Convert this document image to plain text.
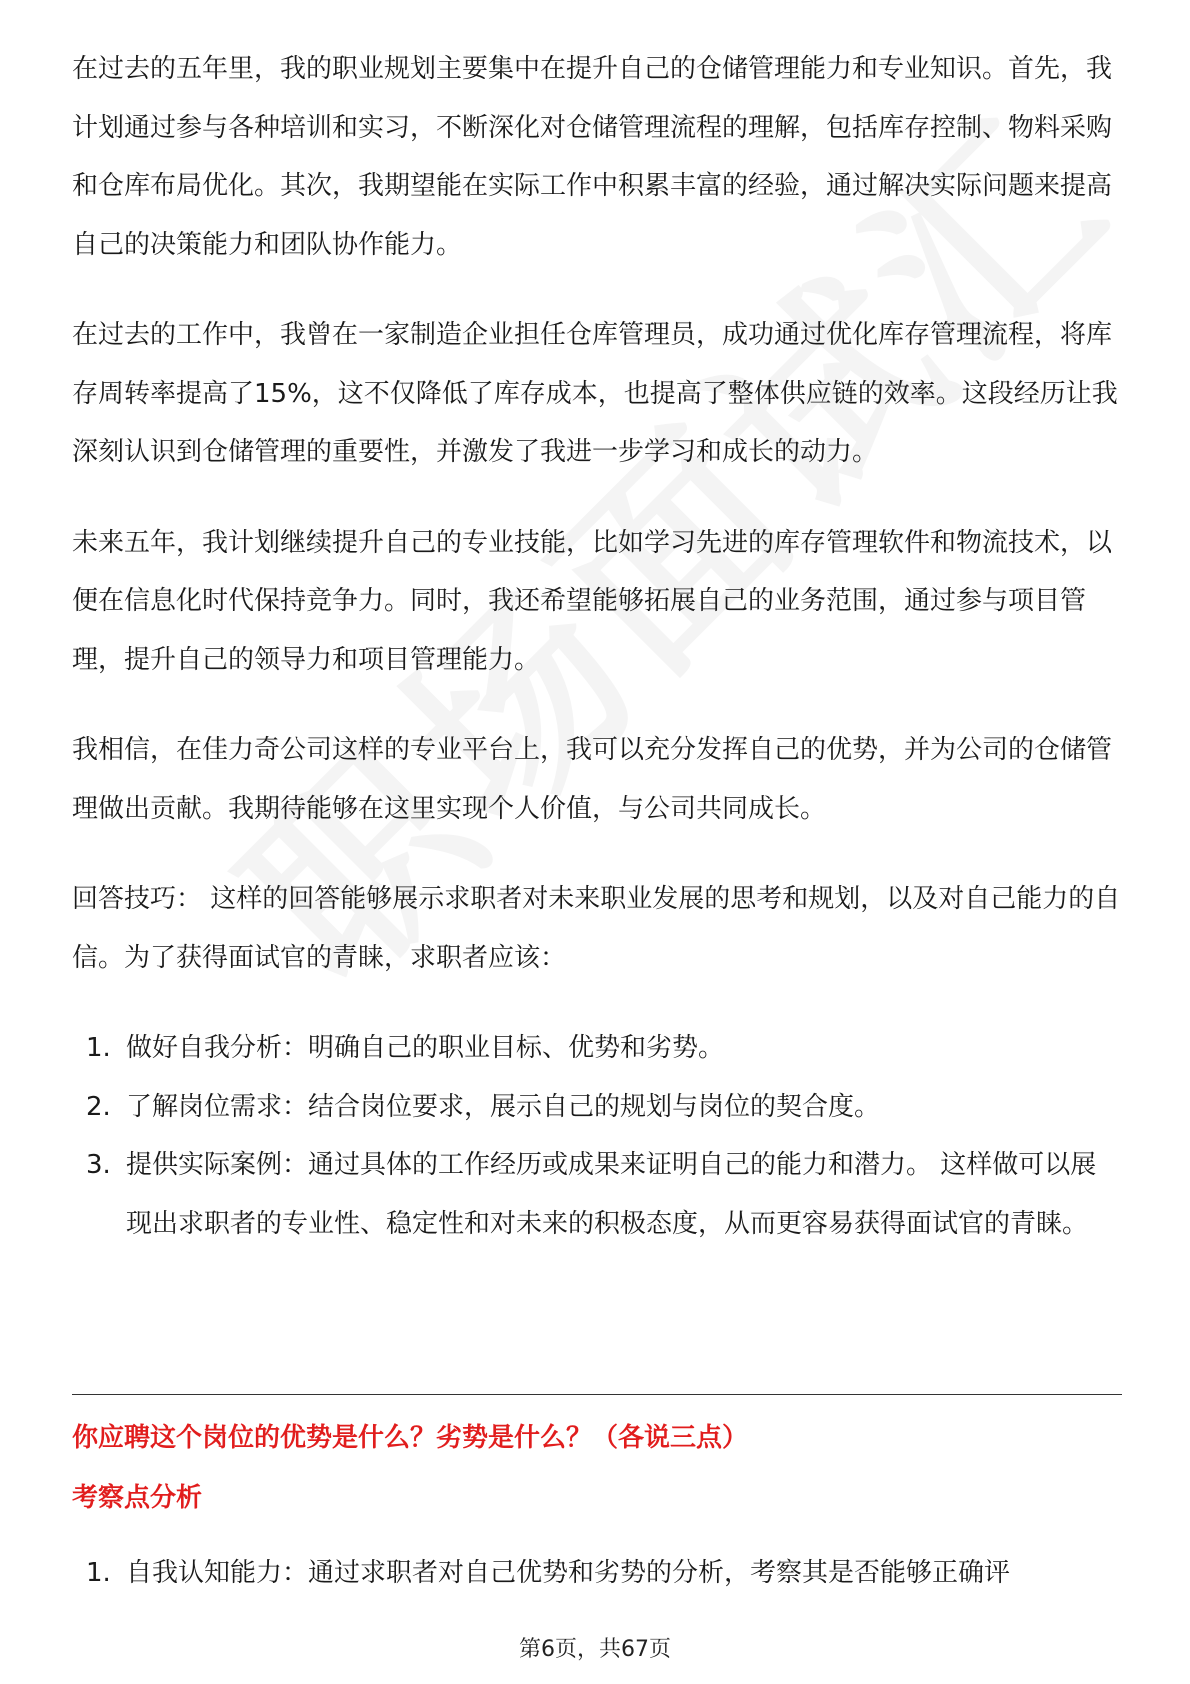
在过去的五年里，我的职业规划主要集中在提升自己的仓储管理能力和专业知识。首先，我计划通过参与各种培训和实习，不断深化对仓储管理流程的理解，包括库存控制、物料采购和仓库布局优化。其次，我期望能在实际工作中积累丰富的经验，通过解决实际问题来提高自己的决策能力和团队协作能力。

在过去的工作中，我曾在一家制造企业担任仓库管理员，成功通过优化库存管理流程，将库存周转率提高了15%，这不仅降低了库存成本，也提高了整体供应链的效率。这段经历让我深刻认识到仓储管理的重要性，并激发了我进一步学习和成长的动力。

未来五年，我计划继续提升自己的专业技能，比如学习先进的库存管理软件和物流技术，以便在信息化时代保持竞争力。同时，我还希望能够拓展自己的业务范围，通过参与项目管理，提升自己的领导力和项目管理能力。

我相信，在佳力奇公司这样的专业平台上，我可以充分发挥自己的优势，并为公司的仓储管理做出贡献。我期待能够在这里实现个人价值，与公司共同成长。

回答技巧： 这样的回答能够展示求职者对未来职业发展的思考和规划，以及对自己能力的自信。为了获得面试官的青睐，求职者应该：

1. 做好自我分析：明确自己的职业目标、优势和劣势。
2. 了解岗位需求：结合岗位要求，展示自己的规划与岗位的契合度。
3. 提供实际案例：通过具体的工作经历或成果来证明自己的能力和潜力。 这样做可以展现出求职者的专业性、稳定性和对未来的积极态度，从而更容易获得面试官的青睐。
你应聘这个岗位的优势是什么？劣势是什么？（各说三点）
考察点分析
1. 自我认知能力：通过求职者对自己优势和劣势的分析，考察其是否能够正确评
第6页，共67页
